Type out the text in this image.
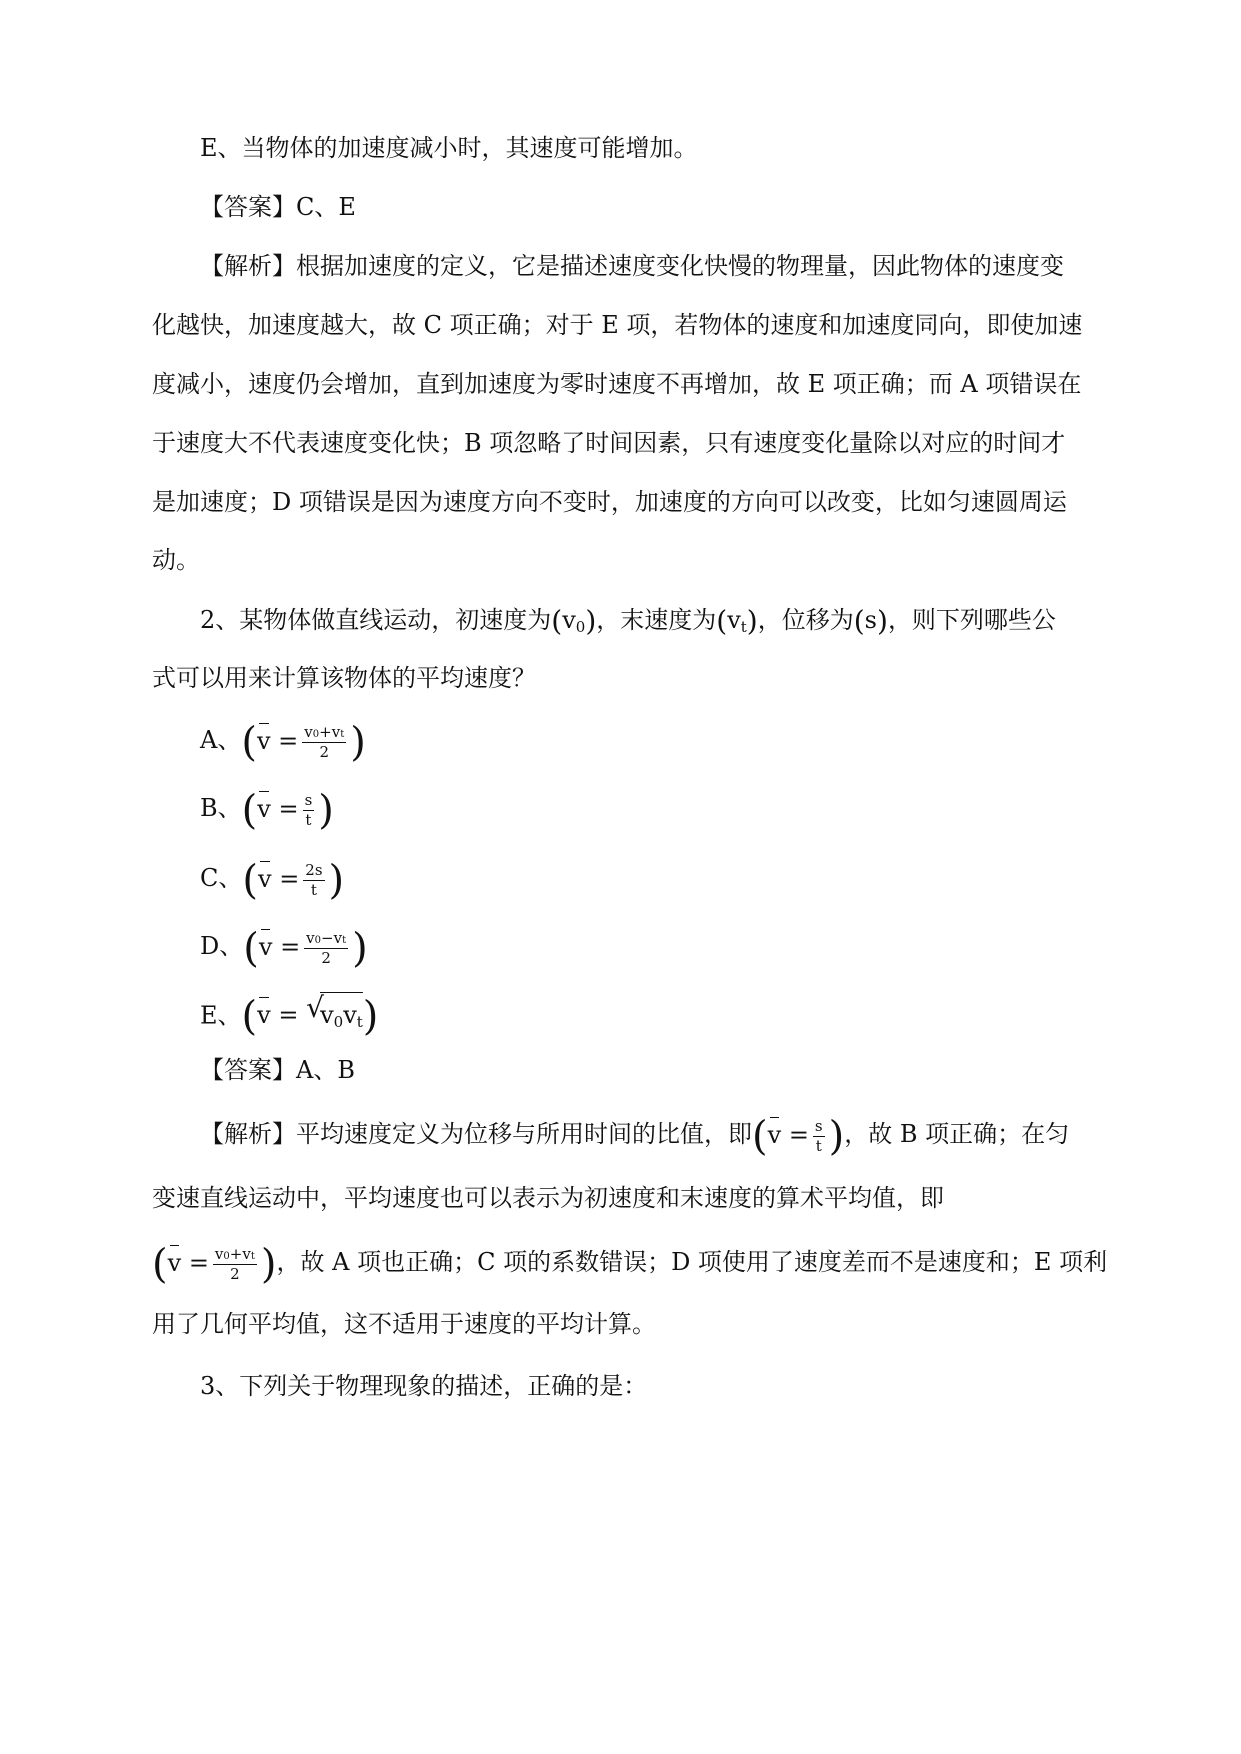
E、当物体的加速度减小时，其速度可能增加。
【答案】C、E
【解析】根据加速度的定义，它是描述速度变化快慢的物理量，因此物体的速度变
化越快，加速度越大，故 C 项正确；对于 E 项，若物体的速度和加速度同向，即使加速
度减小，速度仍会增加，直到加速度为零时速度不再增加，故 E 项正确；而 A 项错误在
于速度大不代表速度变化快；B 项忽略了时间因素，只有速度变化量除以对应的时间才
是加速度；D 项错误是因为速度方向不变时，加速度的方向可以改变，比如匀速圆周运
动。
2、某物体做直线运动，初速度为$(v_0)$，末速度为$(v_t)$，位移为(s)，则下列哪些公
式可以用来计算该物体的平均速度？
A、($v = \frac{v0+vt}{2}$ )
B、($v = \frac{s}{t}$ )
C、($v = \frac{2s}{t}$ )
D、($v = \frac{v0-vt}{2}$ )
E、(v = √
$v_0v_t$)
【答案】A、B
【解析】平均速度定义为位移与所用时间的比值，即($v = \frac{s}{t}$ )，故 B 项正确；在匀
变速直线运动中，平均速度也可以表示为初速度和末速度的算术平均值，即
($v = \frac{v0+vt}{2}$ )，故 A 项也正确；C 项的系数错误；D 项使用了速度差而不是速度和；E 项利
用了几何平均值，这不适用于速度的平均计算。
3、下列关于物理现象的描述，正确的是：
